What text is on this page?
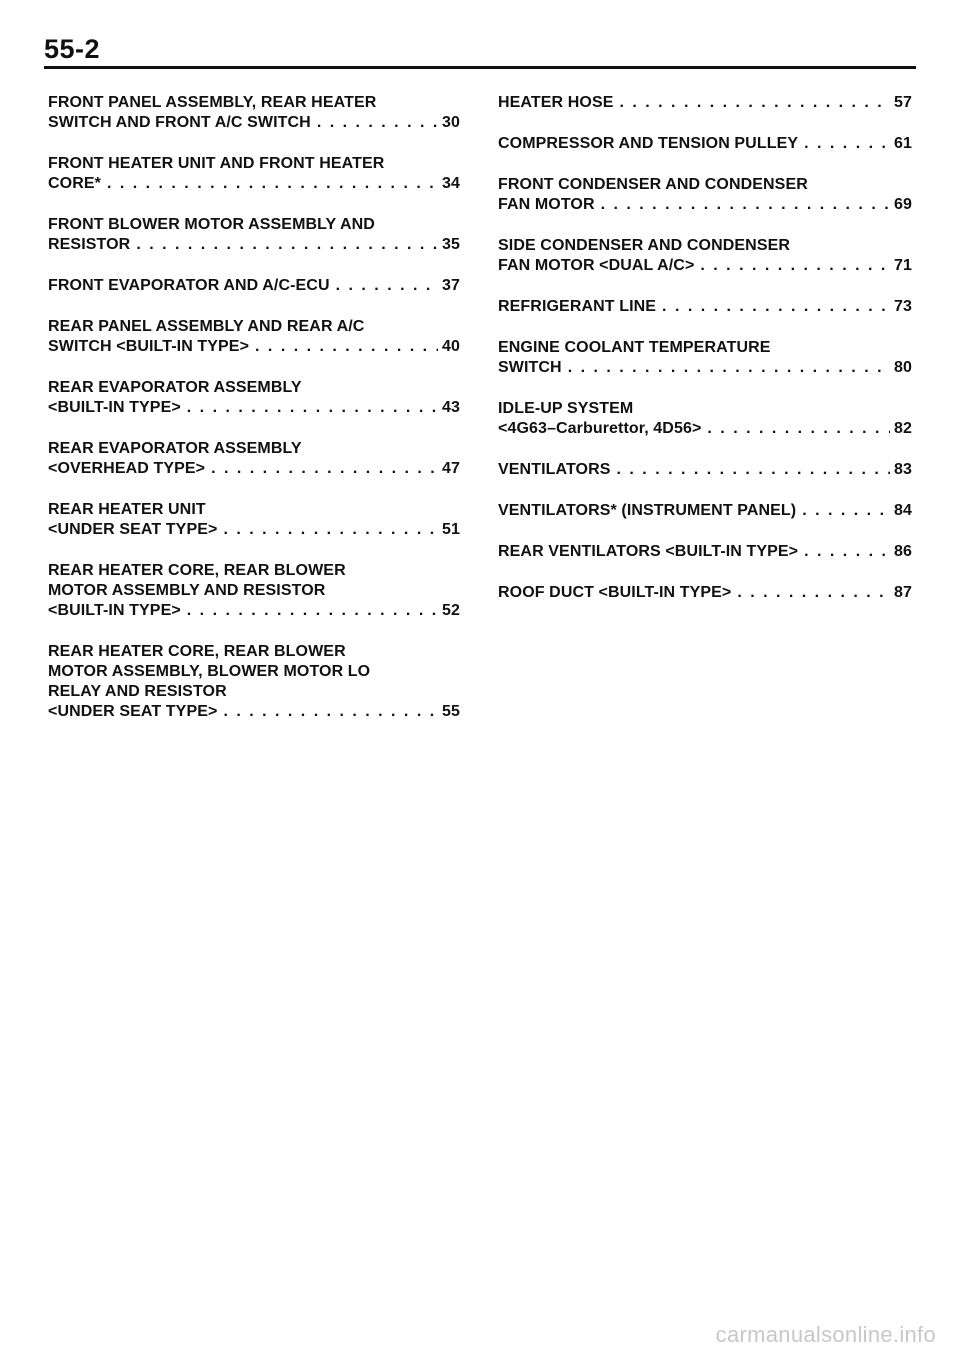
55-2
FRONT PANEL ASSEMBLY, REAR HEATER
SWITCH AND FRONT A/C SWITCH . . .	30
FRONT HEATER UNIT AND FRONT HEATER
CORE* . . .	34
FRONT BLOWER MOTOR ASSEMBLY AND
RESISTOR . . .	35
FRONT EVAPORATOR AND A/C-ECU . . .	37
REAR PANEL ASSEMBLY AND REAR A/C
SWITCH <BUILT-IN TYPE> . . .	40
REAR EVAPORATOR ASSEMBLY
<BUILT-IN TYPE> . . .	43
REAR EVAPORATOR ASSEMBLY
<OVERHEAD TYPE> . . .	47
REAR HEATER UNIT
<UNDER SEAT TYPE> . . .	51
REAR HEATER CORE, REAR BLOWER
MOTOR ASSEMBLY AND RESISTOR
<BUILT-IN TYPE> . . .	52
REAR HEATER CORE, REAR BLOWER
MOTOR ASSEMBLY, BLOWER MOTOR LO
RELAY AND RESISTOR
<UNDER SEAT TYPE> . . .	55
HEATER HOSE . . .	57
COMPRESSOR AND TENSION PULLEY . . .	61
FRONT CONDENSER AND CONDENSER
FAN MOTOR . . .	69
SIDE CONDENSER AND CONDENSER
FAN MOTOR <DUAL A/C> . . .	71
REFRIGERANT LINE . . .	73
ENGINE COOLANT TEMPERATURE
SWITCH . . .	80
IDLE-UP SYSTEM
<4G63–Carburettor, 4D56> . . .	82
VENTILATORS . . .	83
VENTILATORS* (INSTRUMENT PANEL) . . .	84
REAR VENTILATORS <BUILT-IN TYPE> . . .	86
ROOF DUCT <BUILT-IN TYPE> . . .	87
carmanualsonline.info
